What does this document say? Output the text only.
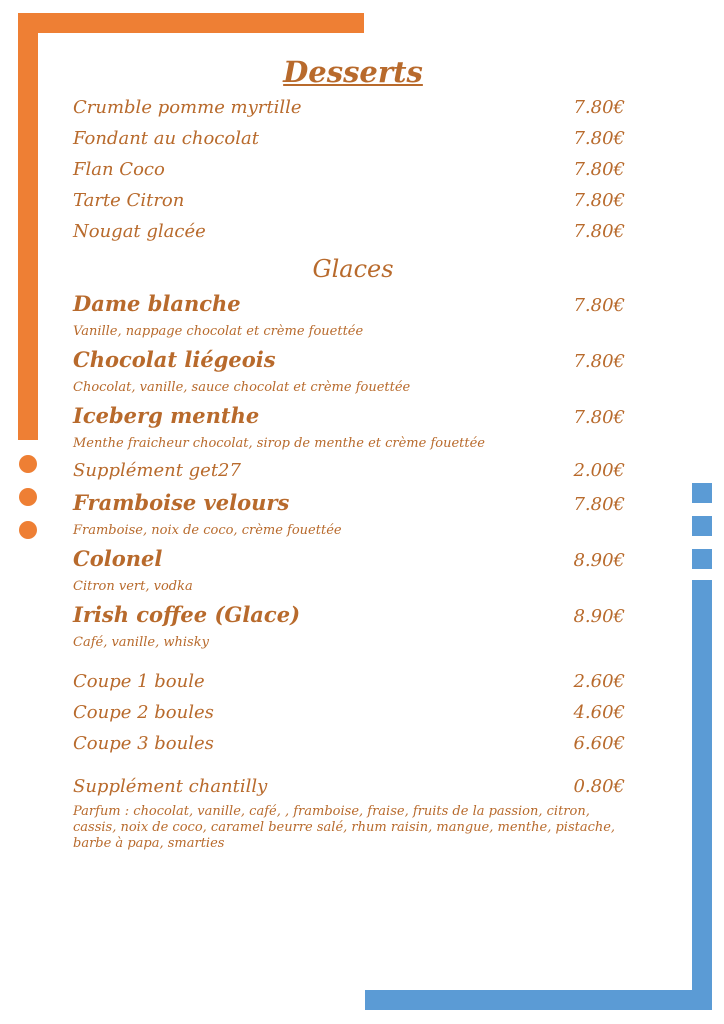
Desserts
Crumble pomme myrtille	7.80€
Fondant au chocolat	7.80€
Flan Coco	7.80€
Tarte Citron	7.80€
Nougat glacée	7.80€
Glaces
Dame blanche	7.80€
Vanille, nappage chocolat et crème fouettée
Chocolat liégeois	7.80€
Chocolat, vanille, sauce chocolat et crème fouettée
Iceberg menthe	7.80€
Menthe fraicheur chocolat, sirop de menthe et crème fouettée
Supplément get27	2.00€
Framboise velours	7.80€
Framboise, noix de coco, crème fouettée
Colonel	8.90€
Citron vert, vodka
Irish coffee (Glace)	8.90€
Café, vanille, whisky
Coupe 1 boule	2.60€
Coupe 2 boules	4.60€
Coupe 3 boules	6.60€
Supplément chantilly	0.80€
Parfum : chocolat, vanille, café, , framboise, fraise, fruits de la passion, citron, cassis, noix de coco, caramel beurre salé, rhum raisin, mangue, menthe, pistache, barbe à papa, smarties
